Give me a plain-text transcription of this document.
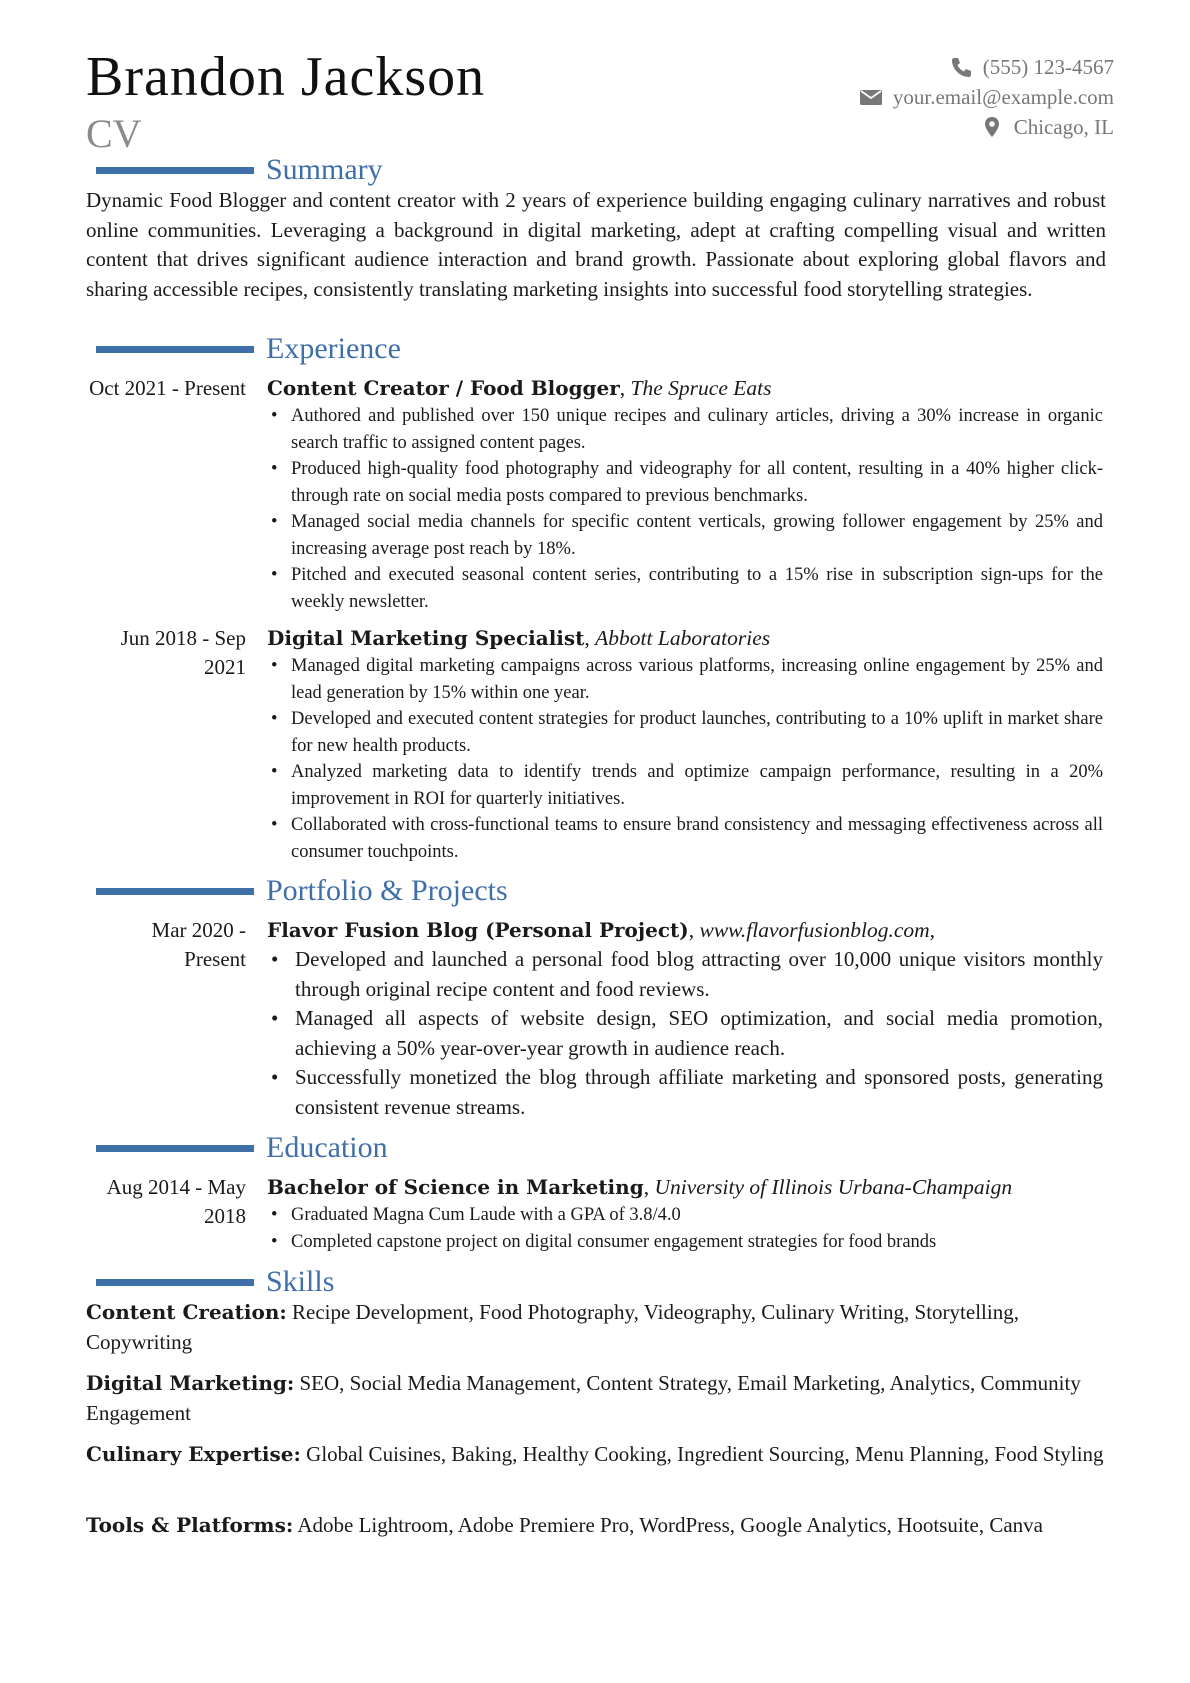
Brandon Jackson
CV
(555) 123-4567
your.email@example.com
Chicago, IL
Summary
Dynamic Food Blogger and content creator with 2 years of experience building engaging culinary narratives and robust online communities. Leveraging a background in digital marketing, adept at crafting compelling visual and written content that drives significant audience interaction and brand growth. Passionate about exploring global flavors and sharing accessible recipes, consistently translating marketing insights into successful food storytelling strategies.
Experience
Oct 2021 - Present Content Creator / Food Blogger, The Spruce Eats
• Authored and published over 150 unique recipes and culinary articles, driving a 30% increase in organic search traffic to assigned content pages.
• Produced high-quality food photography and videography for all content, resulting in a 40% higher click-through rate on social media posts compared to previous benchmarks.
• Managed social media channels for specific content verticals, growing follower engagement by 25% and increasing average post reach by 18%.
• Pitched and executed seasonal content series, contributing to a 15% rise in subscription sign-ups for the weekly newsletter.
Jun 2018 - Sep 2021
Digital Marketing Specialist, Abbott Laboratories
• Managed digital marketing campaigns across various platforms, increasing online engagement by 25% and lead generation by 15% within one year.
• Developed and executed content strategies for product launches, contributing to a 10% uplift in market share for new health products.
• Analyzed marketing data to identify trends and optimize campaign performance, resulting in a 20% improvement in ROI for quarterly initiatives.
• Collaborated with cross-functional teams to ensure brand consistency and messaging effectiveness across all consumer touchpoints.
Portfolio & Projects
Mar 2020 - Present
Flavor Fusion Blog (Personal Project), www.flavorfusionblog.com,
• Developed and launched a personal food blog attracting over 10,000 unique visitors monthly through original recipe content and food reviews.
• Managed all aspects of website design, SEO optimization, and social media promotion, achieving a 50% year-over-year growth in audience reach.
• Successfully monetized the blog through affiliate marketing and sponsored posts, generating consistent revenue streams.
Education
Aug 2014 - May 2018
Bachelor of Science in Marketing, University of Illinois Urbana-Champaign
• Graduated Magna Cum Laude with a GPA of 3.8/4.0
• Completed capstone project on digital consumer engagement strategies for food brands
Skills
Content Creation: Recipe Development, Food Photography, Videography, Culinary Writing, Storytelling, Copywriting
Digital Marketing: SEO, Social Media Management, Content Strategy, Email Marketing, Analytics, Community Engagement
Culinary Expertise: Global Cuisines, Baking, Healthy Cooking, Ingredient Sourcing, Menu Planning, Food Styling
Tools & Platforms: Adobe Lightroom, Adobe Premiere Pro, WordPress, Google Analytics, Hootsuite, Canva
